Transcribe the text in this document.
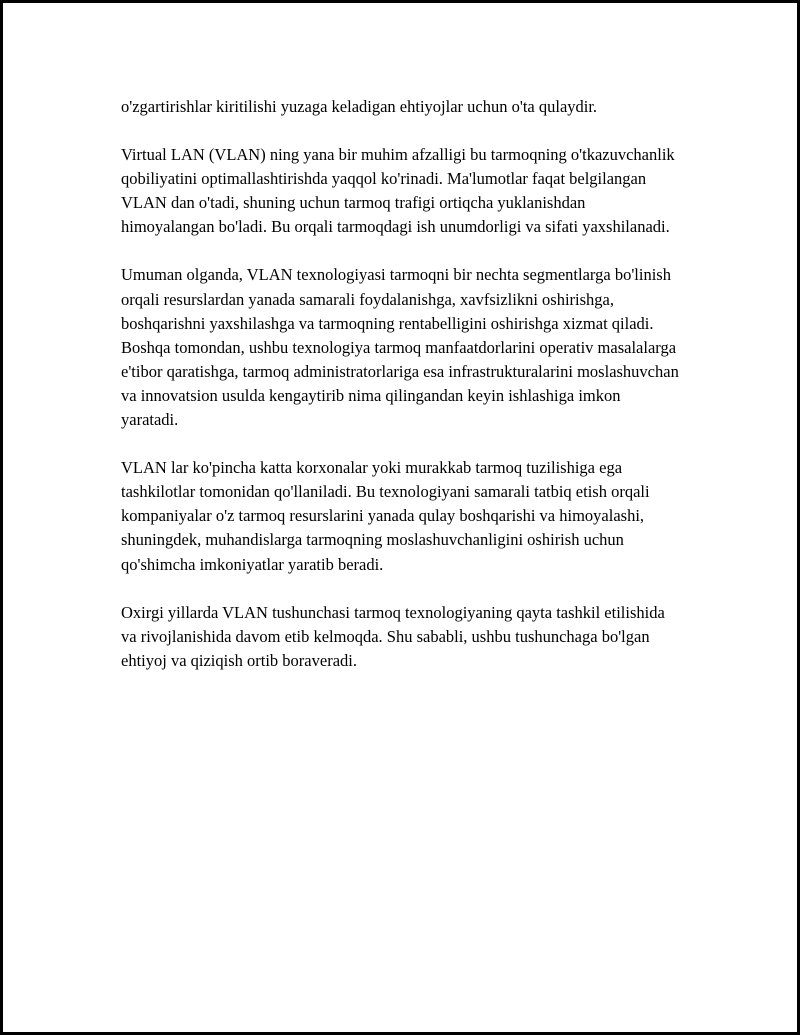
o'zgartirishlar kiritilishi yuzaga keladigan ehtiyojlar uchun o'ta qulaydir.

Virtual LAN (VLAN) ning yana bir muhim afzalligi bu tarmoqning o'tkazuvchanlik qobiliyatini optimallashtirishda yaqqol ko'rinadi. Ma'lumotlar faqat belgilangan VLAN dan o'tadi, shuning uchun tarmoq trafigi ortiqcha yuklanishdan himoyalangan bo'ladi. Bu orqali tarmoqdagi ish unumdorligi va sifati yaxshilanadi.

Umuman olganda, VLAN texnologiyasi tarmoqni bir nechta segmentlarga bo'linish orqali resurslardan yanada samarali foydalanishga, xavfsizlikni oshirishga, boshqarishni yaxshilashga va tarmoqning rentabelligini oshirishga xizmat qiladi. Boshqa tomondan, ushbu texnologiya tarmoq manfaatdorlarini operativ masalalarga e'tibor qaratishga, tarmoq administratorlariga esa infrastrukturalarini moslashuvchan va innovatsion usulda kengaytirib nima qilingandan keyin ishlashiga imkon yaratadi.

VLAN lar ko'pincha katta korxonalar yoki murakkab tarmoq tuzilishiga ega tashkilotlar tomonidan qo'llaniladi. Bu texnologiyani samarali tatbiq etish orqali kompaniyalar o'z tarmoq resurslarini yanada qulay boshqarishi va himoyalashi, shuningdek, muhandislarga tarmoqning moslashuvchanligini oshirish uchun qo'shimcha imkoniyatlar yaratib beradi.

Oxirgi yillarda VLAN tushunchasi tarmoq texnologiyaning qayta tashkil etilishida va rivojlanishida davom etib kelmoqda. Shu sababli, ushbu tushunchaga bo'lgan ehtiyoj va qiziqish ortib boraveradi.
